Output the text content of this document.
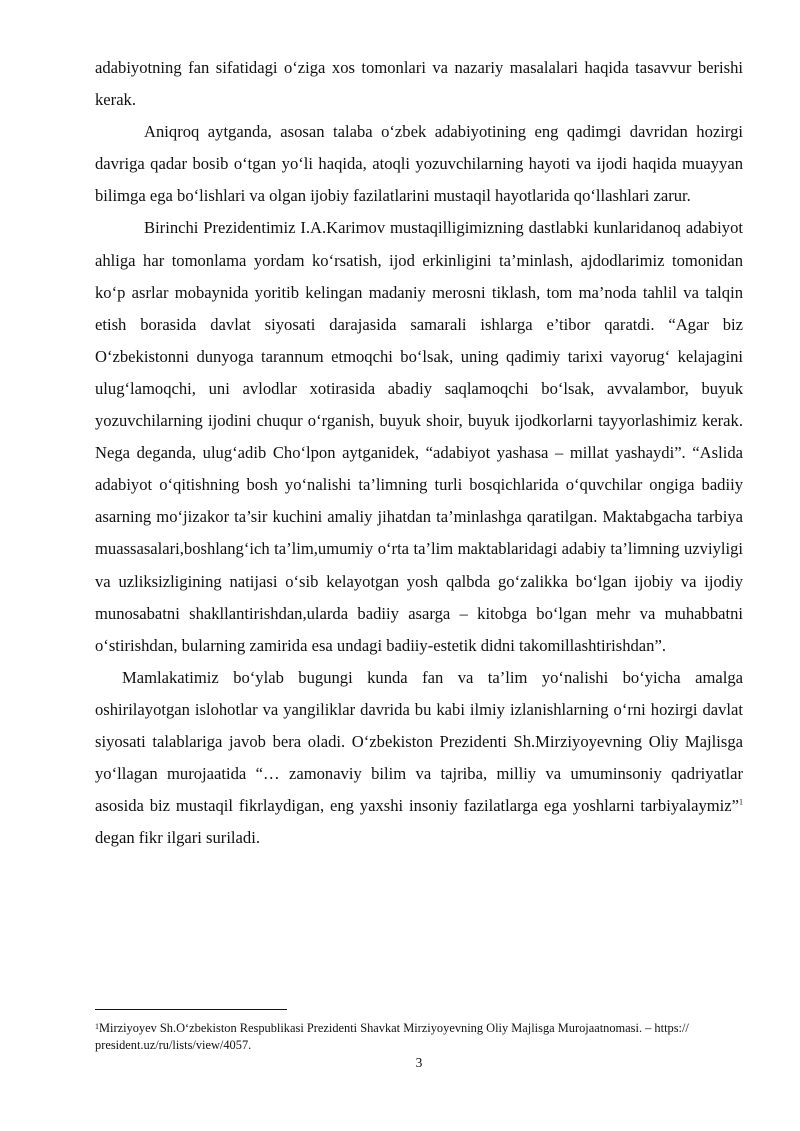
adabiyotning fan sifatidagi o‘ziga xos tomonlari va nazariy masalalari haqida tasavvur berishi kerak.

Aniqroq aytganda, asosan talaba o‘zbek adabiyotining eng qadimgi davridan hozirgi davriga qadar bosib o‘tgan yo‘li haqida, atoqli yozuvchilarning hayoti va ijodi haqida muayyan bilimga ega bo‘lishlari va olgan ijobiy fazilatlarini mustaqil hayotlarida qo‘llashlari zarur.

Birinchi Prezidentimiz I.A.Karimov mustaqilligimizning dastlabki kunlaridanoq adabiyot ahliga har tomonlama yordam ko‘rsatish, ijod erkinligini ta’minlash, ajdodlarimiz tomonidan ko‘p asrlar mobaynida yoritib kelingan madaniy merosni tiklash, tom ma’noda tahlil va talqin etish borasida davlat siyosati darajasida samarali ishlarga e’tibor qaratdi. “Agar biz O‘zbekistonni dunyoga tarannum etmoqchi bo‘lsak, uning qadimiy tarixi vayorug‘ kelajagini ulug‘lamoqchi, uni avlodlar xotirasida abadiy saqlamoqchi bo‘lsak, avvalambor, buyuk yozuvchilarning ijodini chuqur o‘rganish, buyuk shoir, buyuk ijodkorlarni tayyorlashimiz kerak. Nega deganda, ulug‘adib Cho‘lpon aytganidek, “adabiyot yashasa – millat yashaydi”. “Aslida adabiyot o‘qitishning bosh yo‘nalishi ta’limning turli bosqichlarida o‘quvchilar ongiga badiiy asarning mo‘jizakor ta’sir kuchini amaliy jihatdan ta’minlashga qaratilgan. Maktabgacha tarbiya muassasalari,boshlang‘ich ta’lim,umumiy o‘rta ta’lim maktablaridagi adabiy ta’limning uzviyligi va uzliksizligining natijasi o‘sib kelayotgan yosh qalbda go‘zalikka bo‘lgan ijobiy va ijodiy munosabatni shakllantirishdan,ularda badiiy asarga – kitobga bo‘lgan mehr va muhabbatni o‘stirishdan, bularning zamirida esa undagi badiiy-estetik didni takomillashtirishdan”.

Mamlakatimiz bo‘ylab bugungi kunda fan va ta’lim yo‘nalishi bo‘yicha amalga oshirilayotgan islohotlar va yangiliklar davrida bu kabi ilmiy izlanishlarning o‘rni hozirgi davlat siyosati talablariga javob bera oladi. O‘zbekiston Prezidenti Sh.Mirziyoyevning Oliy Majlisga yo‘llagan murojaatida “… zamonaviy bilim va tajriba, milliy va umuminsoniy qadriyatlar asosida biz mustaqil fikrlaydigan, eng yaxshi insoniy fazilatlarga ega yoshlarni tarbiyalaymiz”$^1$ degan fikr ilgari suriladi.

$^1$Mirziyoyev Sh.O‘zbekiston Respublikasi Prezidenti Shavkat Mirziyoyevning Oliy Majlisga Murojaatnomasi. – https:// president.uz/ru/lists/view/4057.
3
